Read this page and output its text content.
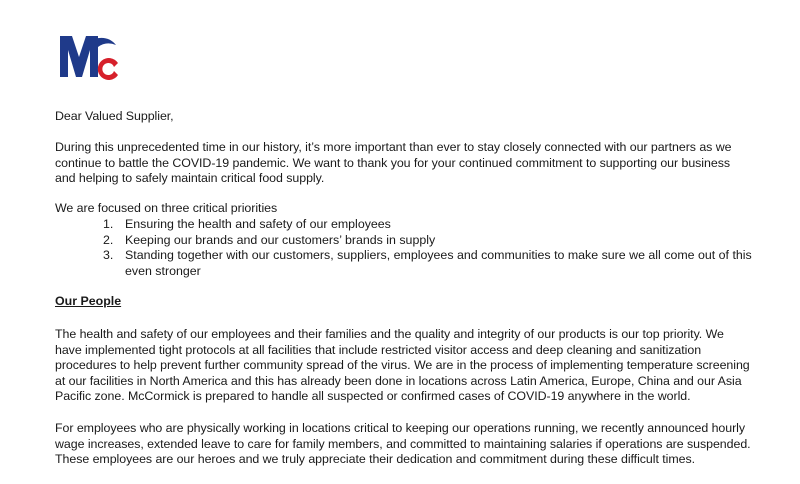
Dear Valued Supplier,

During this unprecedented time in our history, it’s more important than ever to stay closely connected with our partners as we

continue to battle the COVID-19 pandemic. We want to thank you for your continued commitment to supporting our business

and helping to safely maintain critical food supply.

We are focused on three critical priorities

1. Ensuring the health and safety of our employees
2. Keeping our brands and our customers’ brands in supply
3. Standing together with our customers, suppliers, employees and communities to make sure we all come out of this
even stronger
Our People

The health and safety of our employees and their families and the quality and integrity of our products is our top priority. We

have implemented tight protocols at all facilities that include restricted visitor access and deep cleaning and sanitization

procedures to help prevent further community spread of the virus. We are in the process of implementing temperature screening

at our facilities in North America and this has already been done in locations across Latin America, Europe, China and our Asia

Pacific zone. McCormick is prepared to handle all suspected or confirmed cases of COVID-19 anywhere in the world.

For employees who are physically working in locations critical to keeping our operations running, we recently announced hourly

wage increases, extended leave to care for family members, and committed to maintaining salaries if operations are suspended.

These employees are our heroes and we truly appreciate their dedication and commitment during these difficult times.
